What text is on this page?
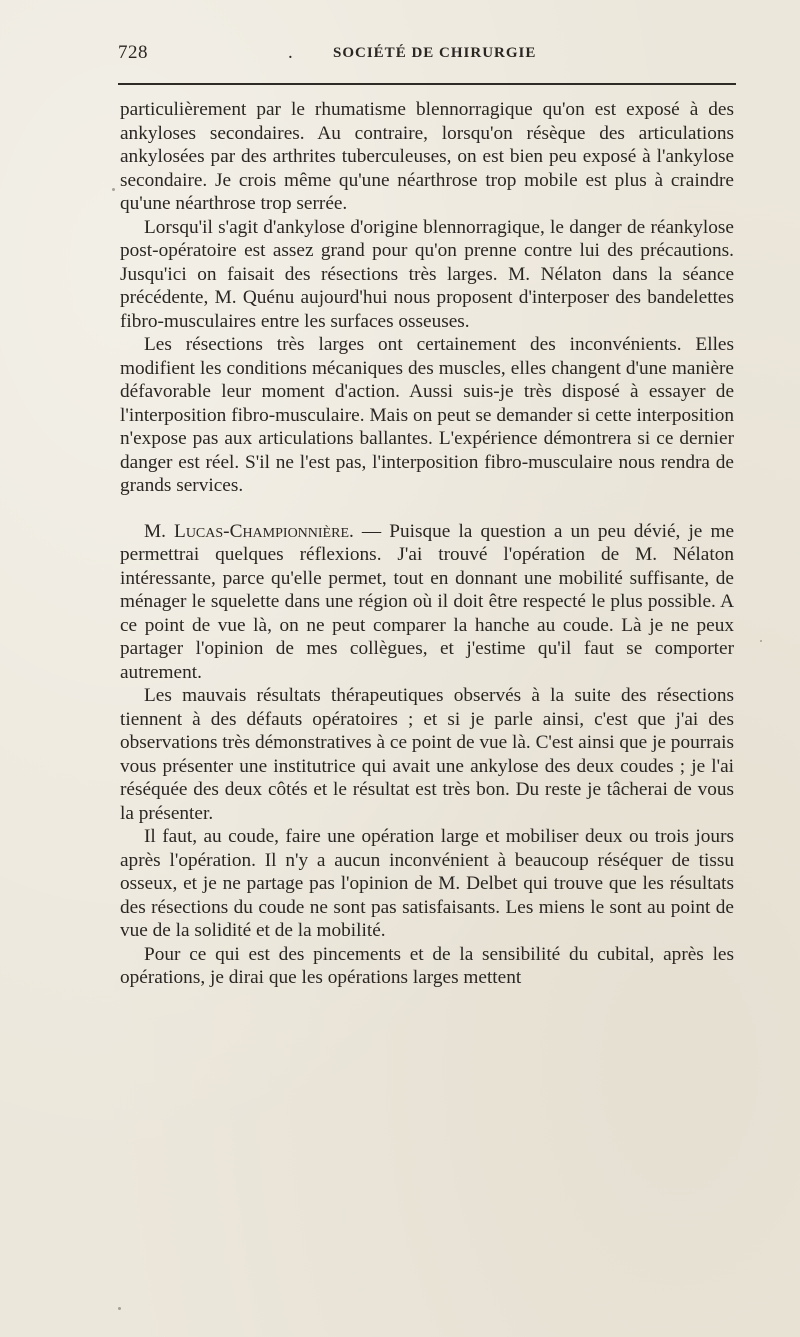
728	.	SOCIÉTÉ DE CHIRURGIE

particulièrement par le rhumatisme blennorragique qu'on est exposé à des ankyloses secondaires. Au contraire, lorsqu'on résèque des articulations ankylosées par des arthrites tuberculeuses, on est bien peu exposé à l'ankylose secondaire. Je crois même qu'une néarthrose trop mobile est plus à craindre qu'une néarthrose trop serrée.

Lorsqu'il s'agit d'ankylose d'origine blennorragique, le danger de réankylose post-opératoire est assez grand pour qu'on prenne contre lui des précautions. Jusqu'ici on faisait des résections très larges. M. Nélaton dans la séance précédente, M. Quénu aujourd'hui nous proposent d'interposer des bandelettes fibro-musculaires entre les surfaces osseuses.

Les résections très larges ont certainement des inconvénients. Elles modifient les conditions mécaniques des muscles, elles changent d'une manière défavorable leur moment d'action. Aussi suis-je très disposé à essayer de l'interposition fibro-musculaire. Mais on peut se demander si cette interposition n'expose pas aux articulations ballantes. L'expérience démontrera si ce dernier danger est réel. S'il ne l'est pas, l'interposition fibro-musculaire nous rendra de grands services.

M. Lucas-Championnière. — Puisque la question a un peu dévié, je me permettrai quelques réflexions. J'ai trouvé l'opération de M. Nélaton intéressante, parce qu'elle permet, tout en donnant une mobilité suffisante, de ménager le squelette dans une région où il doit être respecté le plus possible. A ce point de vue là, on ne peut comparer la hanche au coude. Là je ne peux partager l'opinion de mes collègues, et j'estime qu'il faut se comporter autrement.

Les mauvais résultats thérapeutiques observés à la suite des résections tiennent à des défauts opératoires ; et si je parle ainsi, c'est que j'ai des observations très démonstratives à ce point de vue là. C'est ainsi que je pourrais vous présenter une institutrice qui avait une ankylose des deux coudes ; je l'ai réséquée des deux côtés et le résultat est très bon. Du reste je tâcherai de vous la présenter.

Il faut, au coude, faire une opération large et mobiliser deux ou trois jours après l'opération. Il n'y a aucun inconvénient à beaucoup réséquer de tissu osseux, et je ne partage pas l'opinion de M. Delbet qui trouve que les résultats des résections du coude ne sont pas satisfaisants. Les miens le sont au point de vue de la solidité et de la mobilité.

Pour ce qui est des pincements et de la sensibilité du cubital, après les opérations, je dirai que les opérations larges mettent
